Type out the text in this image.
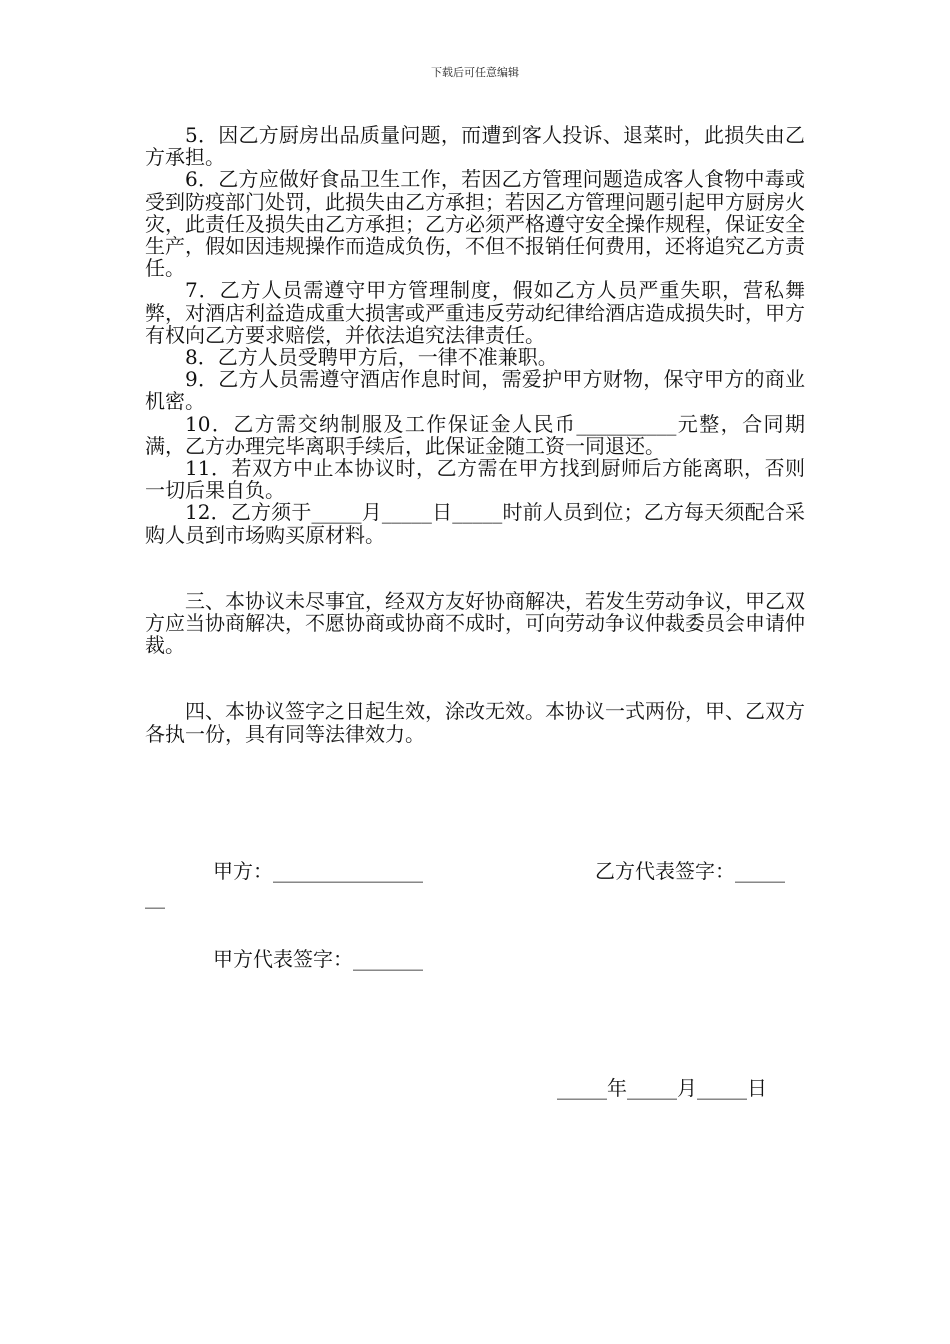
下载后可任意编辑

5．因乙方厨房出品质量问题，而遭到客人投诉、退菜时，此损失由乙方承担。

6．乙方应做好食品卫生工作，若因乙方管理问题造成客人食物中毒或受到防疫部门处罚，此损失由乙方承担；若因乙方管理问题引起甲方厨房火灾，此责任及损失由乙方承担；乙方必须严格遵守安全操作规程，保证安全生产，假如因违规操作而造成负伤，不但不报销任何费用，还将追究乙方责任。

7．乙方人员需遵守甲方管理制度，假如乙方人员严重失职，营私舞弊，对酒店利益造成重大损害或严重违反劳动纪律给酒店造成损失时，甲方有权向乙方要求赔偿，并依法追究法律责任。

8．乙方人员受聘甲方后，一律不准兼职。

9．乙方人员需遵守酒店作息时间，需爱护甲方财物，保守甲方的商业机密。

10．乙方需交纳制服及工作保证金人民币__________元整，合同期满，乙方办理完毕离职手续后，此保证金随工资一同退还。

11．若双方中止本协议时，乙方需在甲方找到厨师后方能离职，否则一切后果自负。

12．乙方须于_____月_____日_____时前人员到位；乙方每天须配合采购人员到市场购买原材料。

三、本协议未尽事宜，经双方友好协商解决，若发生劳动争议，甲乙双方应当协商解决，不愿协商或协商不成时，可向劳动争议仲裁委员会申请仲裁。

四、本协议签字之日起生效，涂改无效。本协议一式两份，甲、乙双方各执一份，具有同等法律效力。

甲方：_______________	乙方代表签字：_____
__
甲方代表签字：_______
_____年_____月_____日
